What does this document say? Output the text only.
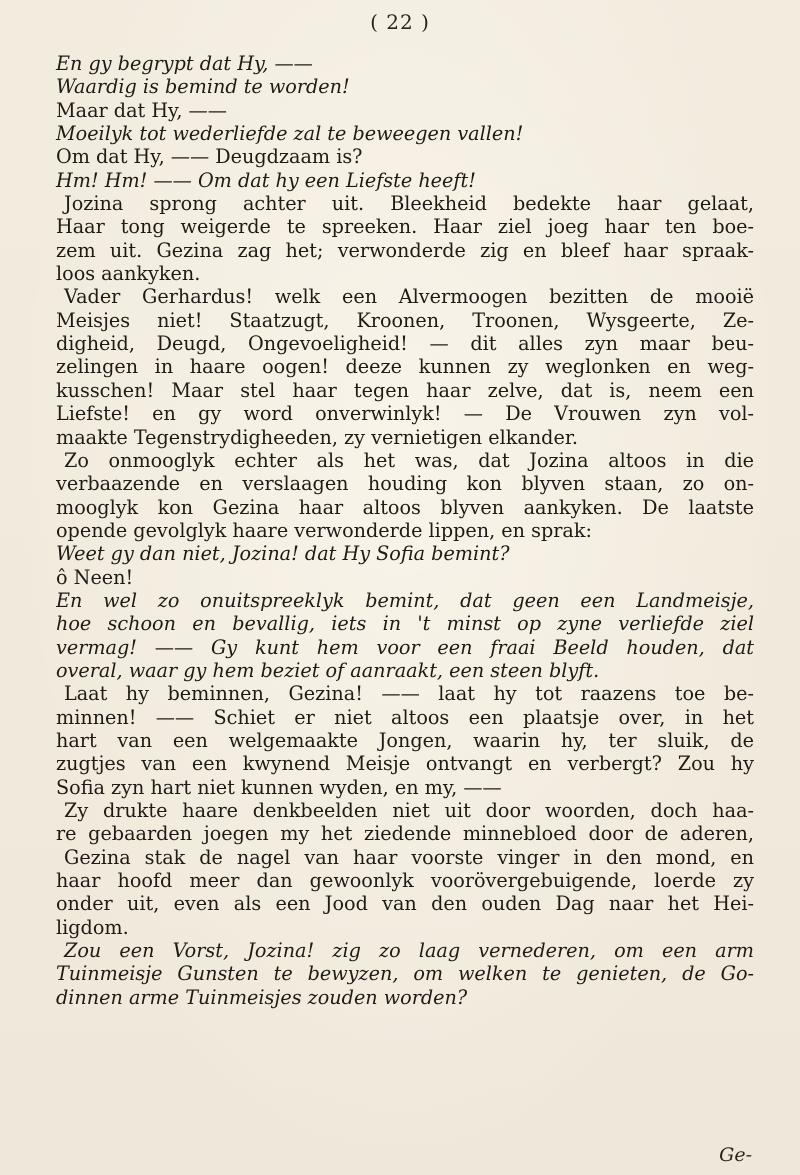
( 22 )
En gy begrypt dat Hy, ——
Waardig is bemind te worden!
Maar dat Hy, ——
Moeilyk tot wederliefde zal te beweegen vallen!
Om dat Hy, —— Deugdzaam is?
Hm! Hm! —— Om dat hy een Liefste heeft!
Jozina sprong achter uit. Bleekheid bedekte haar gelaat,
Haar tong weigerde te spreeken. Haar ziel joeg haar ten boe-
zem uit. Gezina zag het; verwonderde zig en bleef haar spraak-
loos aankyken.
Vader Gerhardus! welk een Alvermoogen bezitten de mooië
Meisjes niet! Staatzugt, Kroonen, Troonen, Wysgeerte, Ze-
digheid, Deugd, Ongevoeligheid! — dit alles zyn maar beu-
zelingen in haare oogen! deeze kunnen zy weglonken en weg-
kusschen! Maar stel haar tegen haar zelve, dat is, neem een
Liefste! en gy word onverwinlyk! — De Vrouwen zyn vol-
maakte Tegenstrydigheeden, zy vernietigen elkander.
Zo onmooglyk echter als het was, dat Jozina altoos in die
verbaazende en verslaagen houding kon blyven staan, zo on-
mooglyk kon Gezina haar altoos blyven aankyken. De laatste
opende gevolglyk haare verwonderde lippen, en sprak:
Weet gy dan niet, Jozina! dat Hy Sofia bemint?
ô Neen!
En wel zo onuitspreeklyk bemint, dat geen een Landmeisje,
hoe schoon en bevallig, iets in 't minst op zyne verliefde ziel
vermag! —— Gy kunt hem voor een fraai Beeld houden, dat
overal, waar gy hem beziet of aanraakt, een steen blyft.
Laat hy beminnen, Gezina! —— laat hy tot raazens toe be-
minnen! —— Schiet er niet altoos een plaatsje over, in het
hart van een welgemaakte Jongen, waarin hy, ter sluik, de
zugtjes van een kwynend Meisje ontvangt en verbergt? Zou hy
Sofia zyn hart niet kunnen wyden, en my, ——
Zy drukte haare denkbeelden niet uit door woorden, doch haa-
re gebaarden joegen my het ziedende minnebloed door de aderen,
Gezina stak de nagel van haar voorste vinger in den mond, en
haar hoofd meer dan gewoonlyk voorövergebuigende, loerde zy
onder uit, even als een Jood van den ouden Dag naar het Hei-
ligdom.
Zou een Vorst, Jozina! zig zo laag vernederen, om een arm
Tuinmeisje Gunsten te bewyzen, om welken te genieten, de Go-
dinnen arme Tuinmeisjes zouden worden?
Ge-
